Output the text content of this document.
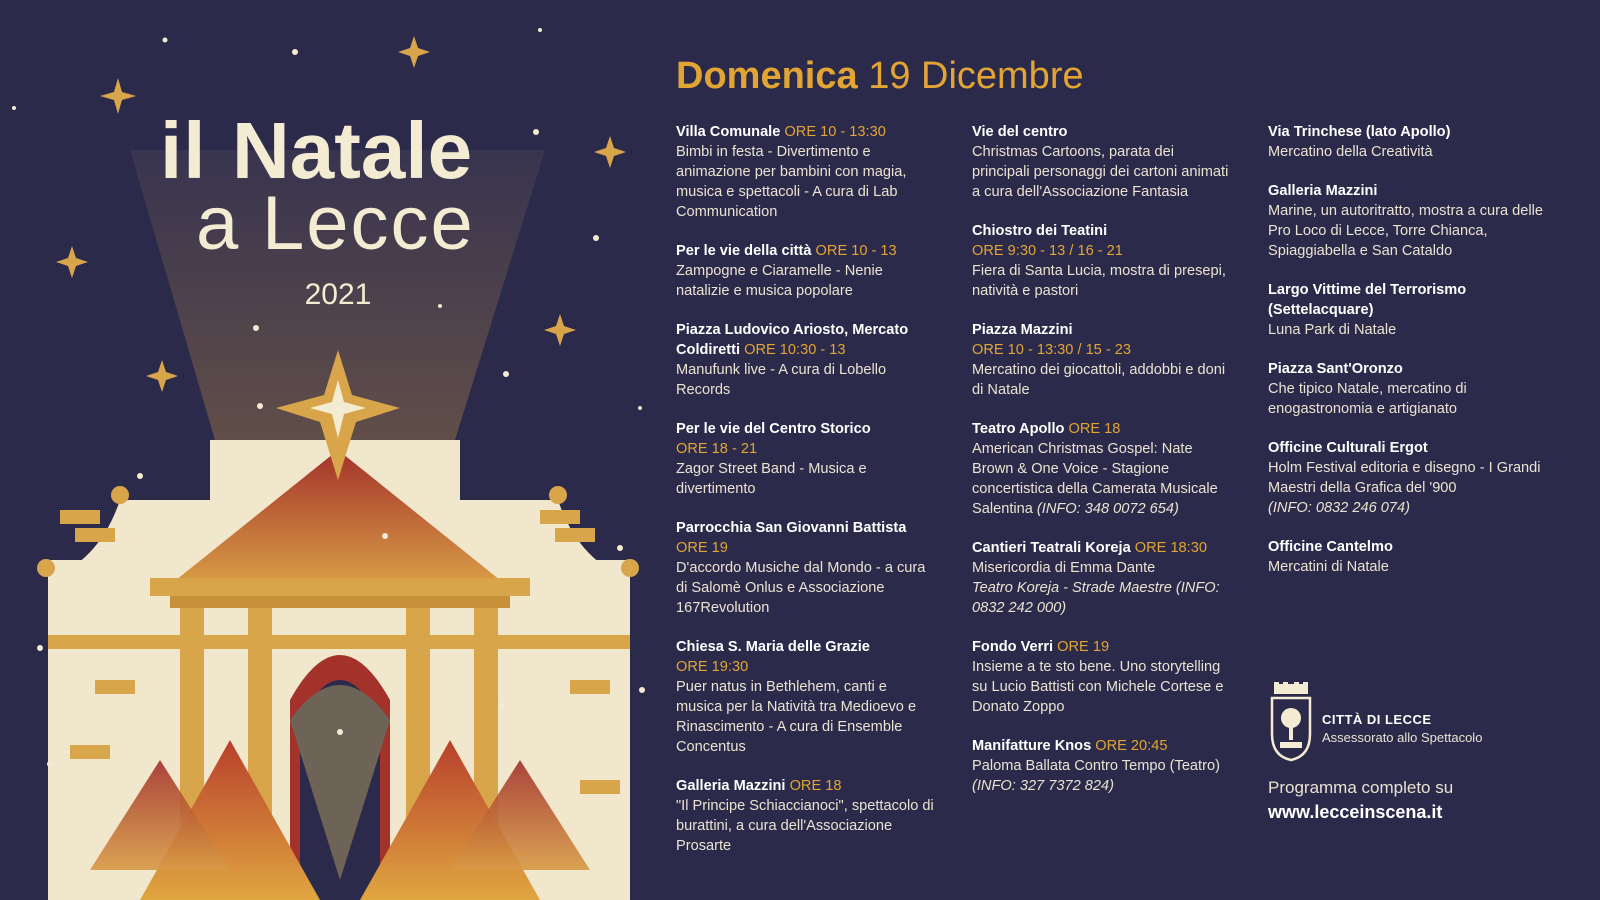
il Natale
a Lecce
2021
Domenica 19 Dicembre
Villa Comunale ORE 10 - 13:30
Bimbi in festa - Divertimento e animazione per bambini con magia, musica e spettacoli - A cura di Lab Communication
Per le vie della città ORE 10 - 13
Zampogne e Ciaramelle - Nenie natalizie e musica popolare
Piazza Ludovico Ariosto, Mercato Coldiretti ORE 10:30 - 13
Manufunk live - A cura di Lobello Records
Per le vie del Centro Storico
ORE 18 - 21
Zagor Street Band - Musica e divertimento
Parrocchia San Giovanni Battista
ORE 19
D'accordo Musiche dal Mondo - a cura di Salomè Onlus e Associazione 167Revolution
Chiesa S. Maria delle Grazie
ORE 19:30
Puer natus in Bethlehem, canti e musica per la Natività tra Medioevo e Rinascimento - A cura di Ensemble Concentus
Galleria Mazzini ORE 18
"Il Principe Schiaccianoci", spettacolo di burattini, a cura dell'Associazione Prosarte
Vie del centro
Christmas Cartoons, parata dei principali personaggi dei cartoni animati a cura dell'Associazione Fantasia
Chiostro dei Teatini
ORE 9:30 - 13 / 16 - 21
Fiera di Santa Lucia, mostra di presepi, natività e pastori
Piazza Mazzini
ORE 10 - 13:30 / 15 - 23
Mercatino dei giocattoli, addobbi e doni di Natale
Teatro Apollo ORE 18
American Christmas Gospel: Nate Brown & One Voice - Stagione concertistica della Camerata Musicale Salentina (INFO: 348 0072 654)
Cantieri Teatrali Koreja ORE 18:30
Misericordia di Emma Dante
Teatro Koreja - Strade Maestre (INFO: 0832 242 000)
Fondo Verri ORE 19
Insieme a te sto bene. Uno storytelling su Lucio Battisti con Michele Cortese e Donato Zoppo
Manifatture Knos ORE 20:45
Paloma Ballata Contro Tempo (Teatro)
(INFO: 327 7372 824)
Via Trinchese (lato Apollo)
Mercatino della Creatività
Galleria Mazzini
Marine, un autoritratto, mostra a cura delle Pro Loco di Lecce, Torre Chianca, Spiaggiabella e San Cataldo
Largo Vittime del Terrorismo (Settelacquare)
Luna Park di Natale
Piazza Sant'Oronzo
Che tipico Natale, mercatino di enogastronomia e artigianato
Officine Culturali Ergot
Holm Festival editoria e disegno - I Grandi Maestri della Grafica del '900
(INFO: 0832 246 074)
Officine Cantelmo
Mercatini di Natale
CITTÀ DI LECCE
Assessorato allo Spettacolo
Programma completo su
www.lecceinscena.it
